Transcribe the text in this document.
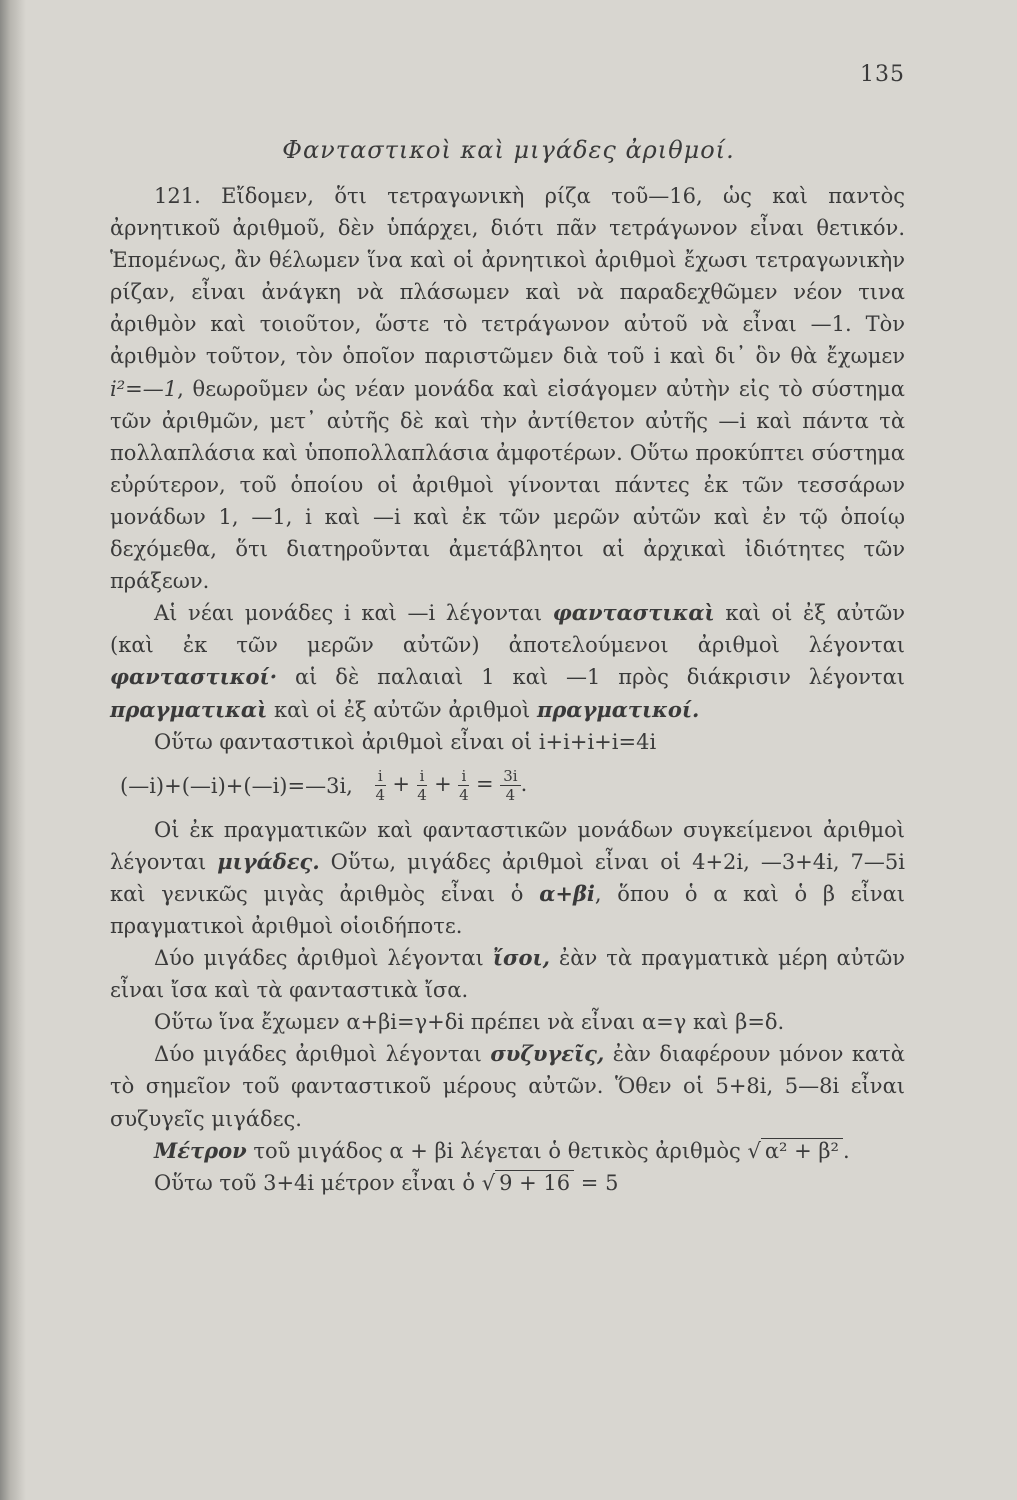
135
Φανταστικοὶ καὶ μιγάδες ἀριθμοί.

121. Εἴδομεν, ὅτι τετραγωνικὴ ρίζα τοῦ—16, ὡς καὶ παντὸς ἀρνητικοῦ ἀριθμοῦ, δὲν ὑπάρχει, διότι πᾶν τετράγωνον εἶναι θετικόν. Ἑπομένως, ἂν θέλωμεν ἵνα καὶ οἱ ἀρνητικοὶ ἀριθμοὶ ἔχωσι τετραγωνικὴν ρίζαν, εἶναι ἀνάγκη νὰ πλάσωμεν καὶ νὰ παραδεχθῶμεν νέον τινα ἀριθμὸν καὶ τοιοῦτον, ὥστε τὸ τετράγωνον αὐτοῦ νὰ εἶναι —1. Τὸν ἀριθμὸν τοῦτον, τὸν ὁποῖον παριστῶμεν διὰ τοῦ i καὶ δι᾽ ὃν θὰ ἔχωμεν i²=—1, θεωροῦμεν ὡς νέαν μονάδα καὶ εἰσάγομεν αὐτὴν εἰς τὸ σύστημα τῶν ἀριθμῶν, μετ᾽ αὐτῆς δὲ καὶ τὴν ἀντίθετον αὐτῆς —i καὶ πάντα τὰ πολλαπλάσια καὶ ὑποπολλαπλάσια ἀμφοτέρων. Οὕτω προκύπτει σύστημα εὐρύτερον, τοῦ ὁποίου οἱ ἀριθμοὶ γίνονται πάντες ἐκ τῶν τεσσάρων μονάδων 1, —1, i καὶ —i καὶ ἐκ τῶν μερῶν αὐτῶν καὶ ἐν τῷ ὁποίῳ δεχόμεθα, ὅτι διατηροῦνται ἀμετάβλητοι αἱ ἀρχικαὶ ἰδιότητες τῶν πράξεων.

Αἱ νέαι μονάδες i καὶ —i λέγονται φανταστικαὶ καὶ οἱ ἐξ αὐτῶν (καὶ ἐκ τῶν μερῶν αὐτῶν) ἀποτελούμενοι ἀριθμοὶ λέγονται φανταστικοί· αἱ δὲ παλαιαὶ 1 καὶ —1 πρὸς διάκρισιν λέγονται πραγματικαὶ καὶ οἱ ἐξ αὐτῶν ἀριθμοὶ πραγματικοί.

Οὕτω φανταστικοὶ ἀριθμοὶ εἶναι οἱ i+i+i+i=4i

(—i)+(—i)+(—i)=—3i, $\frac{i}{4} + \frac{i}{4} + \frac{i}{4} = \frac{3i}{4}$ .

Οἱ ἐκ πραγματικῶν καὶ φανταστικῶν μονάδων συγκείμενοι ἀριθμοὶ λέγονται μιγάδες. Οὕτω, μιγάδες ἀριθμοὶ εἶναι οἱ 4+2i, —3+4i, 7—5i καὶ γενικῶς μιγὰς ἀριθμὸς εἶναι ὁ α+βi, ὅπου ὁ α καὶ ὁ β εἶναι πραγματικοὶ ἀριθμοὶ οἱοιδήποτε.

Δύο μιγάδες ἀριθμοὶ λέγονται ἴσοι, ἐὰν τὰ πραγματικὰ μέρη αὐτῶν εἶναι ἴσα καὶ τὰ φανταστικὰ ἴσα.

Οὕτω ἵνα ἔχωμεν α+βi=γ+δi πρέπει νὰ εἶναι α=γ καὶ β=δ.

Δύο μιγάδες ἀριθμοὶ λέγονται συζυγεῖς, ἐὰν διαφέρουν μόνον κατὰ τὸ σημεῖον τοῦ φανταστικοῦ μέρους αὐτῶν. Ὅθεν οἱ 5+8i, 5—8i εἶναι συζυγεῖς μιγάδες.

Μέτρον τοῦ μιγάδος α + βi λέγεται ὁ θετικὸς ἀριθμὸς √ α² + β² .

Οὕτω τοῦ 3+4i μέτρον εἶναι ὁ √ 9 + 16 = 5
